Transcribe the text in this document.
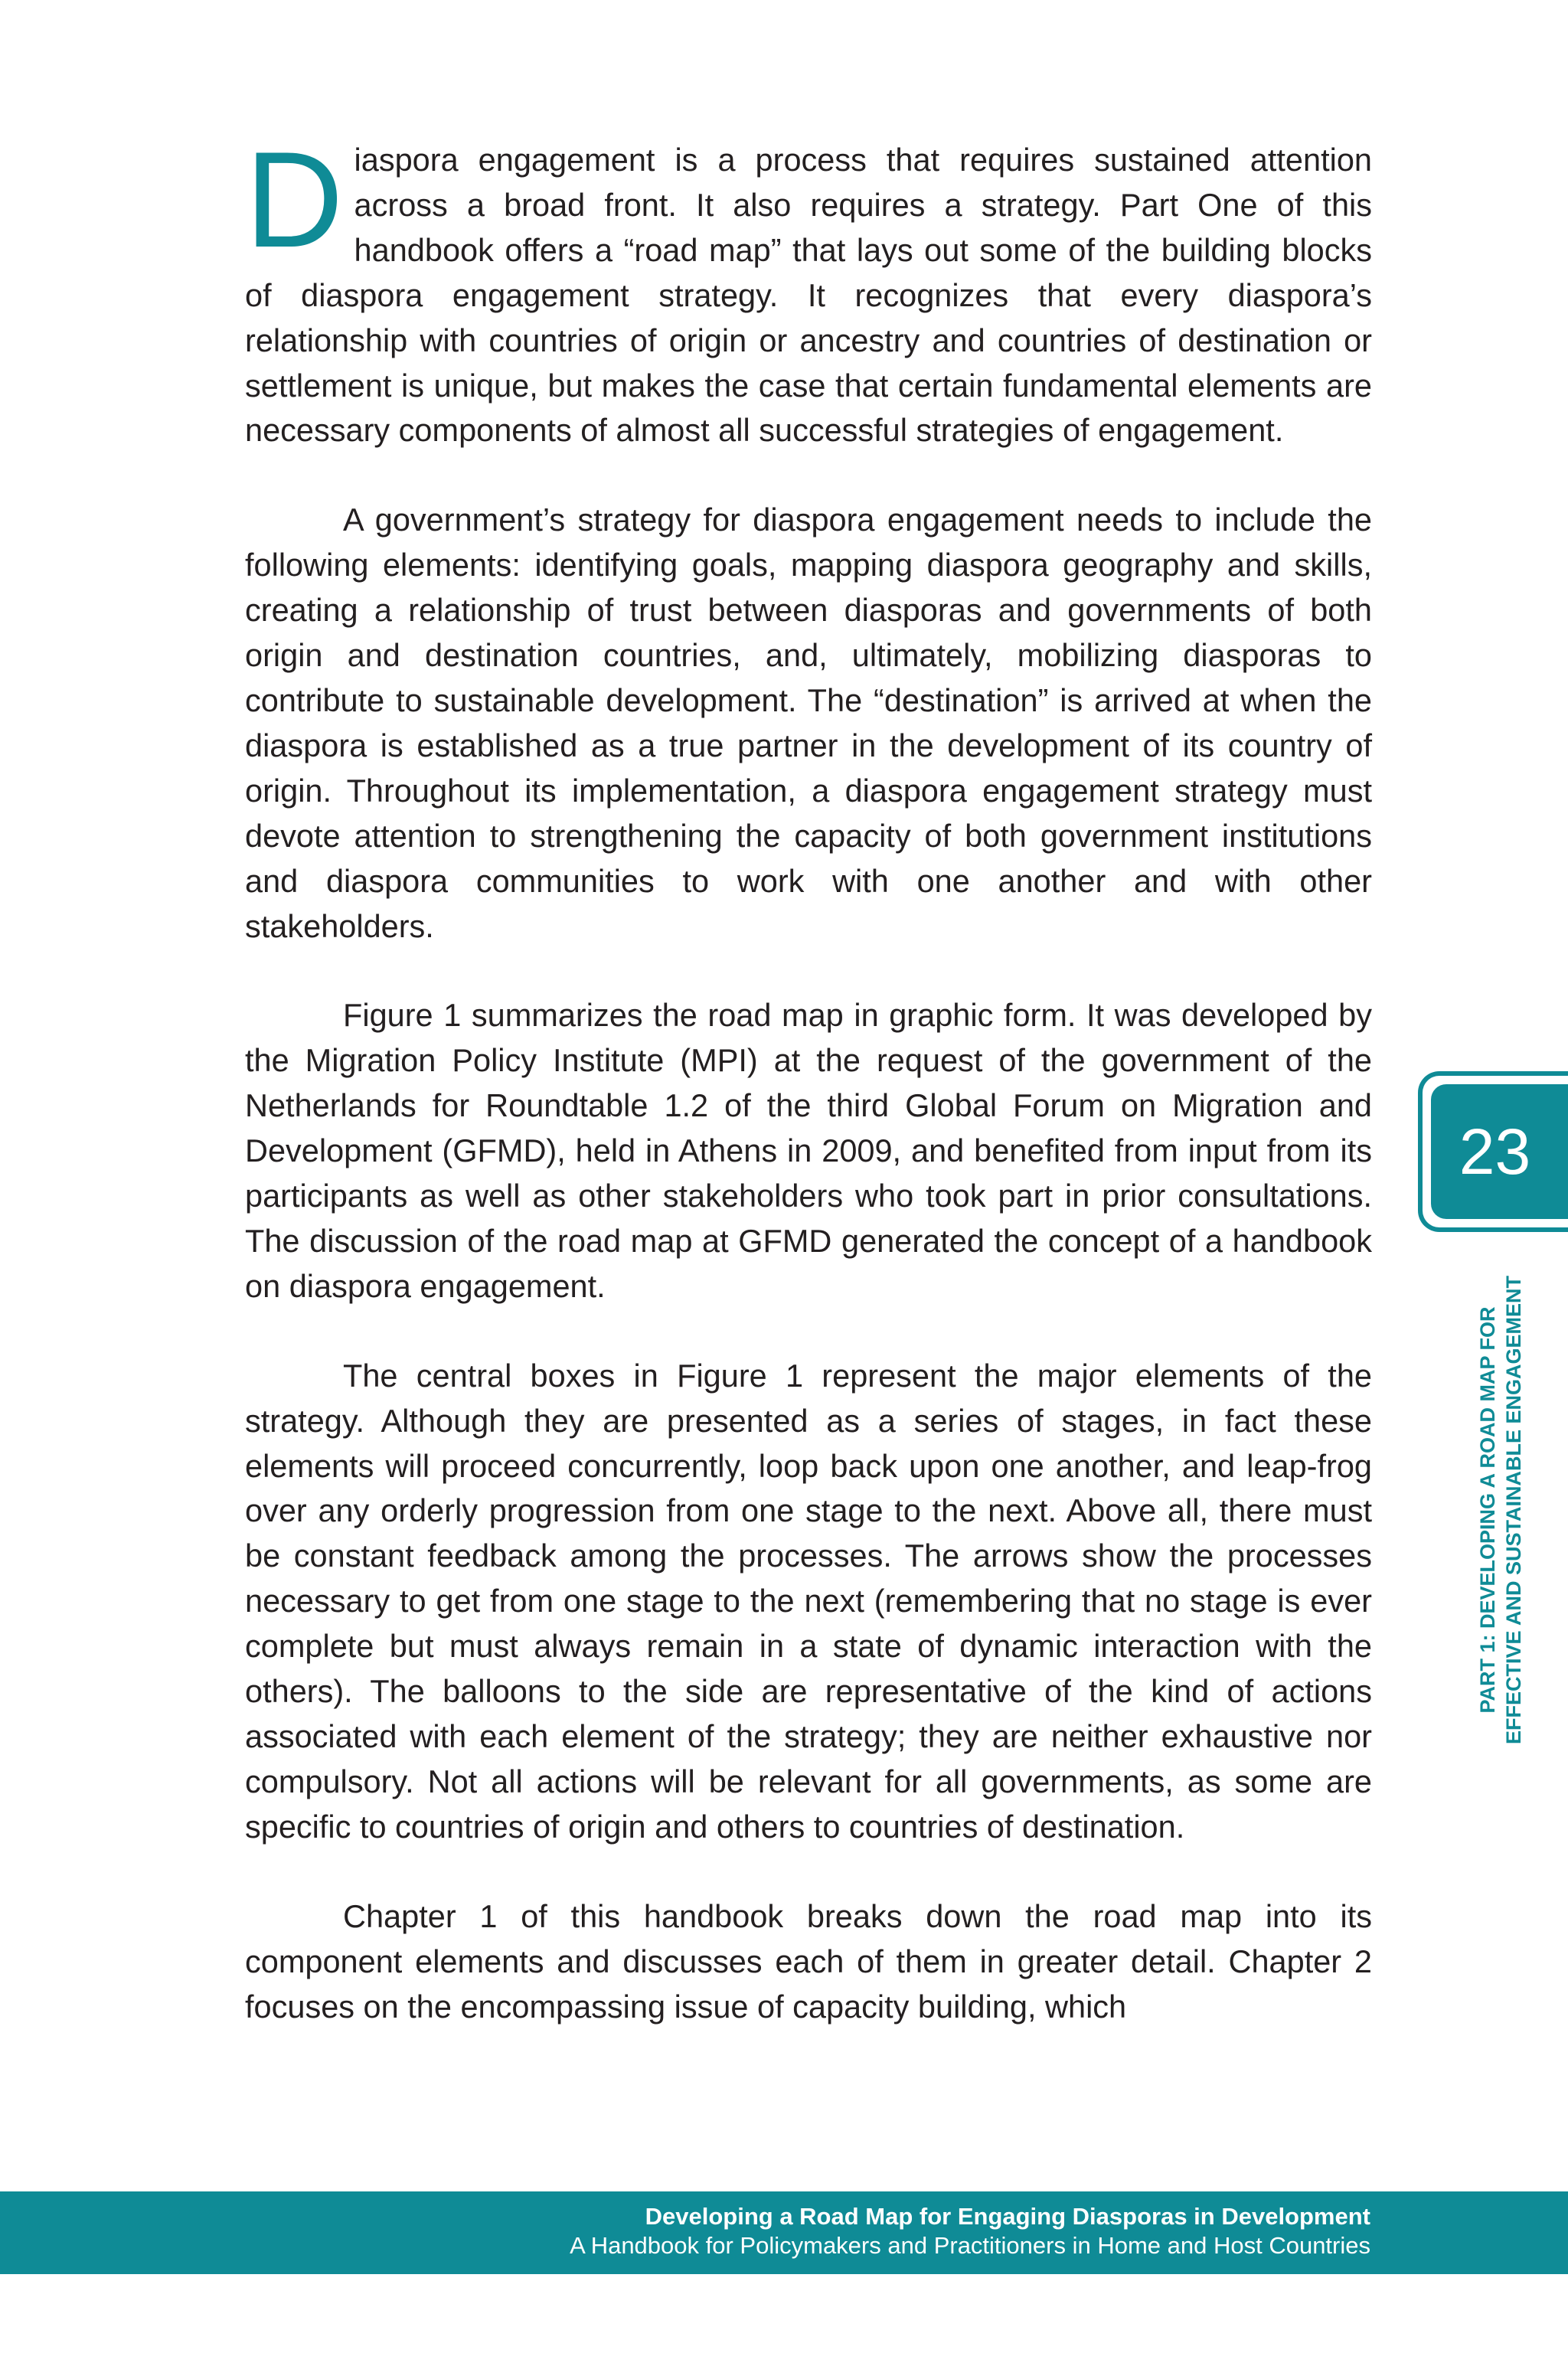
Diaspora engagement is a process that requires sustained attention across a broad front. It also requires a strategy. Part One of this handbook offers a “road map” that lays out some of the building blocks of diaspora engagement strategy. It recognizes that every diaspora’s relationship with countries of origin or ancestry and countries of destination or settlement is unique, but makes the case that certain fundamental elements are necessary components of almost all successful strategies of engagement.

A government’s strategy for diaspora engagement needs to include the following elements: identifying goals, mapping diaspora geography and skills, creating a relationship of trust between diasporas and governments of both origin and destination countries, and, ultimately, mobilizing diasporas to contribute to sustainable development. The “destination” is arrived at when the diaspora is established as a true partner in the development of its country of origin. Throughout its implementation, a diaspora engagement strategy must devote attention to strengthening the capacity of both government institutions and diaspora communities to work with one another and with other stakeholders.

Figure 1 summarizes the road map in graphic form. It was developed by the Migration Policy Institute (MPI) at the request of the government of the Netherlands for Roundtable 1.2 of the third Global Forum on Migration and Development (GFMD), held in Athens in 2009, and benefited from input from its participants as well as other stakeholders who took part in prior consultations. The discussion of the road map at GFMD generated the concept of a handbook on diaspora engagement.

The central boxes in Figure 1 represent the major elements of the strategy. Although they are presented as a series of stages, in fact these elements will proceed concurrently, loop back upon one another, and leap-frog over any orderly progression from one stage to the next. Above all, there must be constant feedback among the processes. The arrows show the processes necessary to get from one stage to the next (remembering that no stage is ever complete but must always remain in a state of dynamic interaction with the others). The balloons to the side are representative of the kind of actions associated with each element of the strategy; they are neither exhaustive nor compulsory. Not all actions will be relevant for all governments, as some are specific to countries of origin and others to countries of destination.

Chapter 1 of this handbook breaks down the road map into its component elements and discusses each of them in greater detail. Chapter 2 focuses on the encompassing issue of capacity building, which

23
PART 1: DEVELOPING A ROAD MAP FOR EFFECTIVE AND SUSTAINABLE ENGAGEMENT
Developing a Road Map for Engaging Diasporas in Development
A Handbook for Policymakers and Practitioners in Home and Host Countries
